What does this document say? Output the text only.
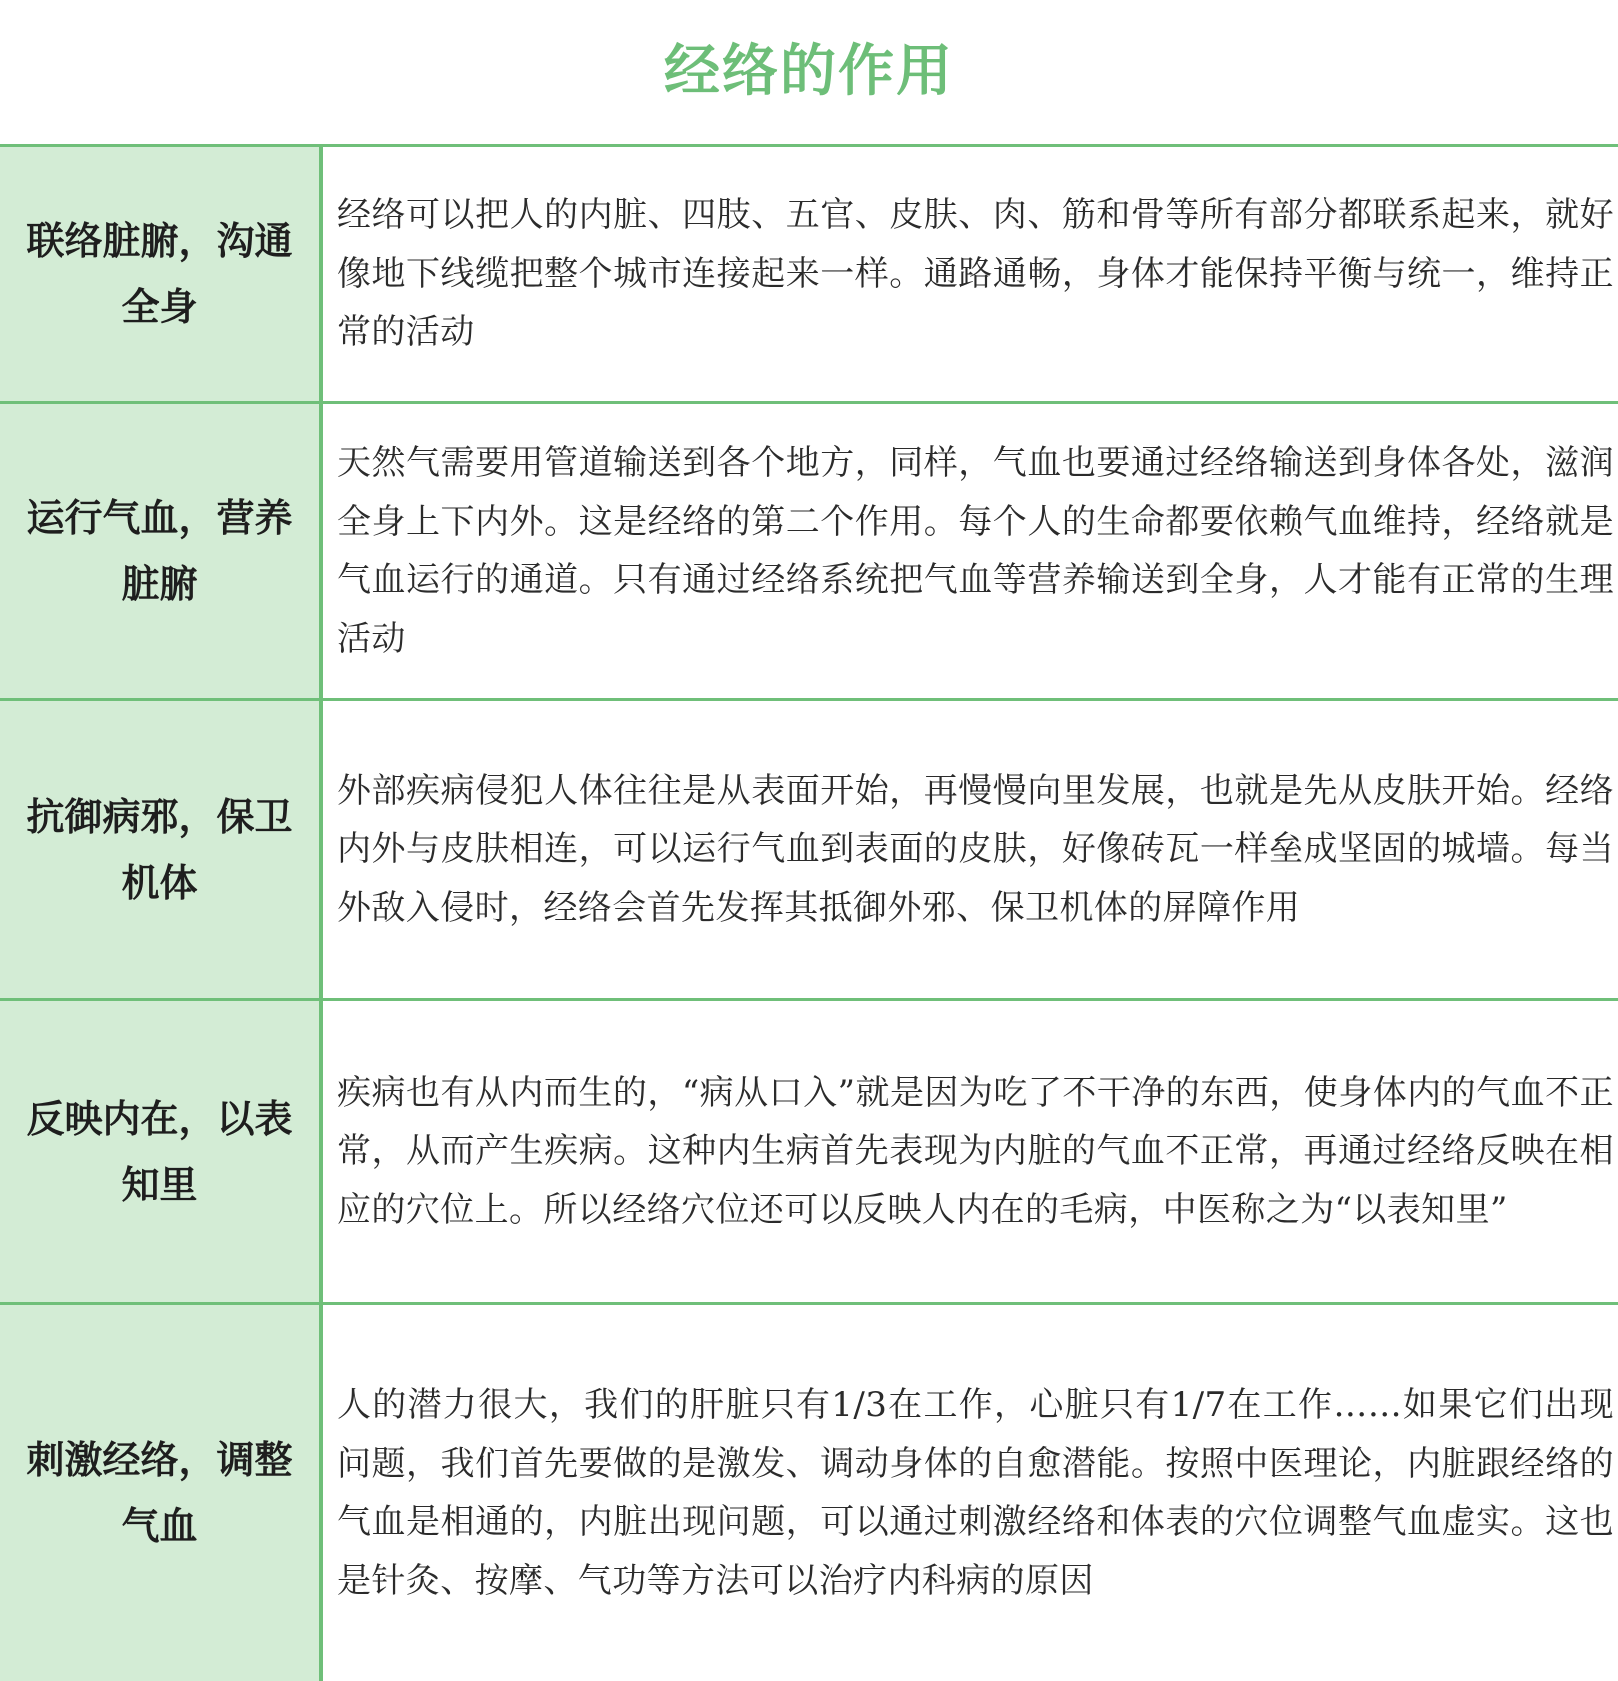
经络的作用
联络脏腑，沟通全身

经络可以把人的内脏、四肢、五官、皮肤、肉、筋和骨等所有部分都联系起来，就好像地下线缆把整个城市连接起来一样。通路通畅，身体才能保持平衡与统一，维持正常的活动

运行气血，营养脏腑

天然气需要用管道输送到各个地方，同样，气血也要通过经络输送到身体各处，滋润全身上下内外。这是经络的第二个作用。每个人的生命都要依赖气血维持，经络就是气血运行的通道。只有通过经络系统把气血等营养输送到全身，人才能有正常的生理活动

抗御病邪，保卫机体

外部疾病侵犯人体往往是从表面开始，再慢慢向里发展，也就是先从皮肤开始。经络内外与皮肤相连，可以运行气血到表面的皮肤，好像砖瓦一样垒成坚固的城墙。每当外敌入侵时，经络会首先发挥其抵御外邪、保卫机体的屏障作用

反映内在，以表知里

疾病也有从内而生的，“病从口入”就是因为吃了不干净的东西，使身体内的气血不正常，从而产生疾病。这种内生病首先表现为内脏的气血不正常，再通过经络反映在相应的穴位上。所以经络穴位还可以反映人内在的毛病，中医称之为“以表知里”

刺激经络，调整气血

人的潜力很大，我们的肝脏只有1/3在工作，心脏只有1/7在工作……如果它们出现问题，我们首先要做的是激发、调动身体的自愈潜能。按照中医理论，内脏跟经络的气血是相通的，内脏出现问题，可以通过刺激经络和体表的穴位调整气血虚实。这也是针灸、按摩、气功等方法可以治疗内科病的原因
